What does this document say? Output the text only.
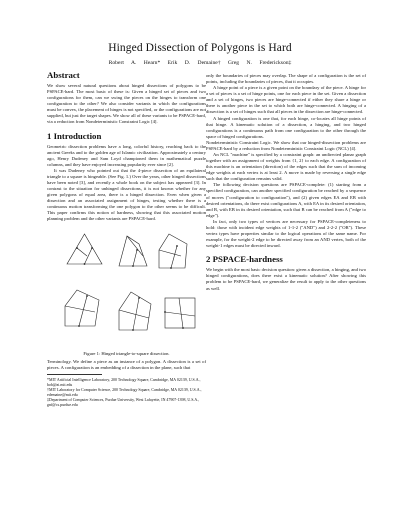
Hinged Dissection of Polygons is Hard
Robert A. Hearn* Erik D. Demaine† Greg N. Frederickson‡
Abstract

We show several natural questions about hinged dissections of polygons to be PSPACE-hard. The most basic of these is: Given a hinged set of pieces and two configurations for them, can we swing the pieces on the hinges to transform one configuration to the other? We also consider variants in which the configurations must be convex, the placement of hinges is not specified, or the configurations are not supplied, but just the target shapes. We show all of these variants to be PSPACE-hard, via a reduction from Nondeterministic Constraint Logic [4].

1 Introduction

Geometric dissection problems have a long, colorful history, reaching back to the ancient Greeks and to the golden age of Islamic civilization. Approximately a century ago, Henry Dudeney and Sam Loyd championed them in mathematical puzzle columns, and they have enjoyed increasing popularity ever since [2].

It was Dudeney who pointed out that the 4-piece dissection of an equilateral triangle to a square is hingeable. (See Fig. 1.) Over the years, other hinged dissections have been noted [3], and recently a whole book on the subject has appeared [3]. In contrast to the situation for unhinged dissections, it is not known whether for any given polygons of equal area, there is a hinged dissection. Even when given a dissection and an associated assignment of hinges, testing whether there is a continuous motion transforming the one polygon to the other seems to be difficult. This paper confirms this notion of hardness, showing that this associated motion planning problem and the other variants are PSPACE-hard.

Figure 1: Hinged triangle-to-square dissection.

Terminology. We define a piece as an instance of a polygon. A dissection is a set of pieces. A configuration is an embedding of a dissection in the plane, such that

*MIT Artificial Intelligence Laboratory, 200 Technology Square, Cambridge, MA 02139, U.S.A., bob@ai.mit.edu

†MIT Laboratory for Computer Science, 200 Technology Square, Cambridge, MA 02139, U.S.A., edemaine@mit.edu

‡Department of Computer Sciences, Purdue University, West Lafayette, IN 47907-1398, U.S.A., gnf@cs.purdue.edu

only the boundaries of pieces may overlap. The shape of a configuration is the set of points, including the boundaries of pieces, that it occupies.

A hinge point of a piece is a given point on the boundary of the piece. A hinge for a set of pieces is a set of hinge points, one for each piece in the set. Given a dissection and a set of hinges, two pieces are hinge-connected if either they share a hinge or there is another piece in the set to which both are hinge-connected. A hinging of a dissection is a set of hinges such that all pieces in the dissection are hinge-connected.

A hinged configuration is one that, for each hinge, co-locates all hinge points of that hinge. A kinematic solution of a dissection, a hinging, and two hinged configurations is a continuous path from one configuration to the other through the space of hinged configurations.

Nondeterministic Constraint Logic. We show that our hinged-dissection problems are PSPACE-hard by a reduction from Nondeterministic Constraint Logic (NCL) [4].

An NCL "machine" is specified by a constraint graph: an undirected planar graph together with an assignment of weights from {1, 2} to each edge. A configuration of this machine is an orientation (direction) of the edges such that the sum of incoming edge weights at each vertex is at least 2. A move is made by reversing a single edge such that the configuration remains valid.

The following decision questions are PSPACE-complete: (1) starting from a specified configuration, can another specified configuration be reached by a sequence of moves ("configuration to configuration"), and (2) given edges EA and EB with desired orientations, do there exist configurations A, with EA in its desired orientation, and B, with EB in its desired orientation, such that B can be reached from A ("edge to edge").

In fact, only two types of vertices are necessary for PSPACE-completeness to hold: those with incident edge weights of 1-1-2 ("AND") and 2-2-2 ("OR"). These vertex types have properties similar to the logical operations of the same name. For example, for the weight-2 edge to be directed away from an AND vertex, both of the weight-1 edges must be directed inward.

2 PSPACE-hardness

We begin with the most basic decision question: given a dissection, a hinging, and two hinged configurations, does there exist a kinematic solution? After showing this problem to be PSPACE-hard, we generalize the result to apply to the other questions as well.
